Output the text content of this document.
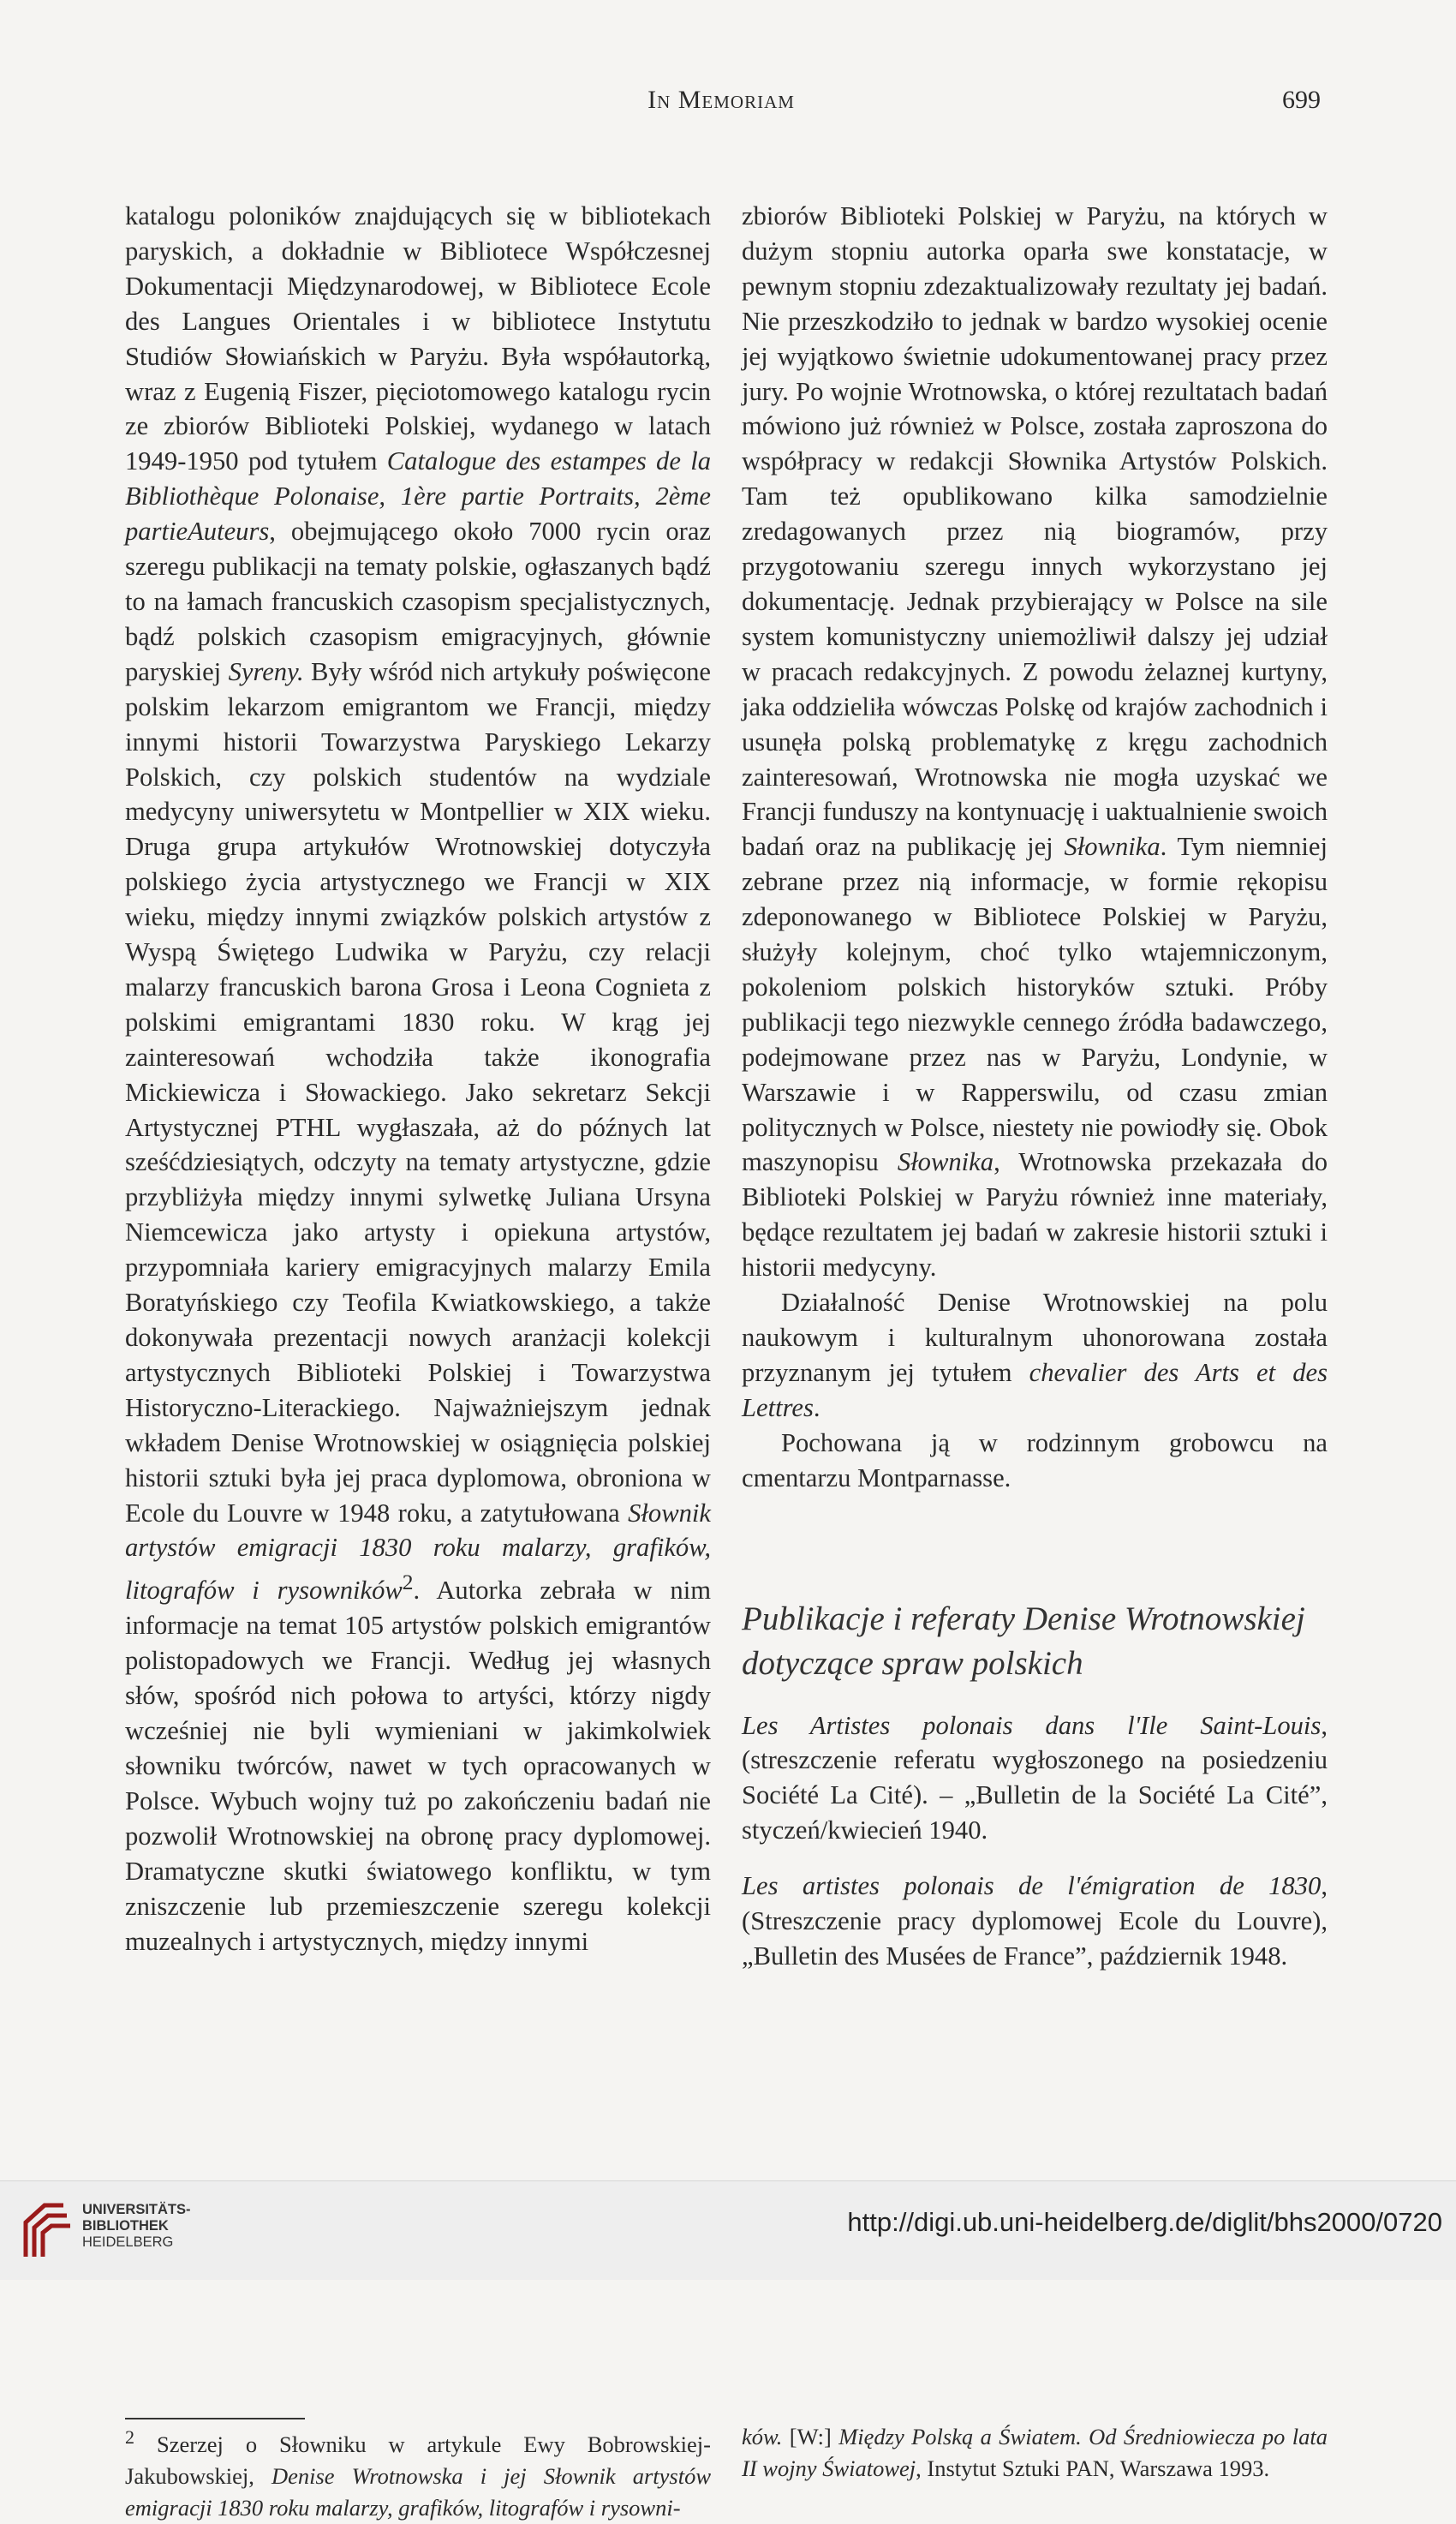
In Memoriam	699

katalogu poloników znajdujących się w bibliotekach paryskich, a dokładnie w Bibliotece Współczesnej Dokumentacji Międzynarodowej, w Bibliotece Ecole des Langues Orientales i w bibliotece Instytutu Studiów Słowiańskich w Paryżu. Była współautorką, wraz z Eugenią Fiszer, pięciotomowego katalogu rycin ze zbiorów Biblioteki Polskiej, wydanego w latach 1949-1950 pod tytułem Catalogue des estampes de la Bibliothèque Polonaise, 1ère partie Portraits, 2ème partieAuteurs, obejmującego około 7000 rycin oraz szeregu publikacji na tematy polskie, ogłaszanych bądź to na łamach francuskich czasopism specjalistycznych, bądź polskich czasopism emigracyjnych, głównie paryskiej Syreny. Były wśród nich artykuły poświęcone polskim lekarzom emigrantom we Francji, między innymi historii Towarzystwa Paryskiego Lekarzy Polskich, czy polskich studentów na wydziale medycyny uniwersytetu w Montpellier w XIX wieku. Druga grupa artykułów Wrotnowskiej dotyczyła polskiego życia artystycznego we Francji w XIX wieku, między innymi związków polskich artystów z Wyspą Świętego Ludwika w Paryżu, czy relacji malarzy francuskich barona Grosa i Leona Cognieta z polskimi emigrantami 1830 roku. W krąg jej zainteresowań wchodziła także ikonografia Mickiewicza i Słowackiego. Jako sekretarz Sekcji Artystycznej PTHL wygłaszała, aż do późnych lat sześćdziesiątych, odczyty na tematy artystyczne, gdzie przybliżyła między innymi sylwetkę Juliana Ursyna Niemcewicza jako artysty i opiekuna artystów, przypomniała kariery emigracyjnych malarzy Emila Boratyńskiego czy Teofila Kwiatkowskiego, a także dokonywała prezentacji nowych aranżacji kolekcji artystycznych Biblioteki Polskiej i Towarzystwa Historyczno-Literackiego. Najważniejszym jednak wkładem Denise Wrotnowskiej w osiągnięcia polskiej historii sztuki była jej praca dyplomowa, obroniona w Ecole du Louvre w 1948 roku, a zatytułowana Słownik artystów emigracji 1830 roku malarzy, grafików, litografów i rysowników$^2$. Autorka zebrała w nim informacje na temat 105 artystów polskich emigrantów polistopadowych we Francji. Według jej własnych słów, spośród nich połowa to artyści, którzy nigdy wcześniej nie byli wymieniani w jakimkolwiek słowniku twórców, nawet w tych opracowanych w Polsce. Wybuch wojny tuż po zakończeniu badań nie pozwolił Wrotnowskiej na obronę pracy dyplomowej. Dramatyczne skutki światowego konfliktu, w tym zniszczenie lub przemieszczenie szeregu kolekcji muzealnych i artystycznych, między innymi

zbiorów Biblioteki Polskiej w Paryżu, na których w dużym stopniu autorka oparła swe konstatacje, w pewnym stopniu zdezaktualizowały rezultaty jej badań. Nie przeszkodziło to jednak w bardzo wysokiej ocenie jej wyjątkowo świetnie udokumentowanej pracy przez jury. Po wojnie Wrotnowska, o której rezultatach badań mówiono już również w Polsce, została zaproszona do współpracy w redakcji Słownika Artystów Polskich. Tam też opublikowano kilka samodzielnie zredagowanych przez nią biogramów, przy przygotowaniu szeregu innych wykorzystano jej dokumentację. Jednak przybierający w Polsce na sile system komunistyczny uniemożliwił dalszy jej udział w pracach redakcyjnych. Z powodu żelaznej kurtyny, jaka oddzieliła wówczas Polskę od krajów zachodnich i usunęła polską problematykę z kręgu zachodnich zainteresowań, Wrotnowska nie mogła uzyskać we Francji funduszy na kontynuację i uaktualnienie swoich badań oraz na publikację jej Słownika. Tym niemniej zebrane przez nią informacje, w formie rękopisu zdeponowanego w Bibliotece Polskiej w Paryżu, służyły kolejnym, choć tylko wtajemniczonym, pokoleniom polskich historyków sztuki. Próby publikacji tego niezwykle cennego źródła badawczego, podejmowane przez nas w Paryżu, Londynie, w Warszawie i w Rapperswilu, od czasu zmian politycznych w Polsce, niestety nie powiodły się. Obok maszynopisu Słownika, Wrotnowska przekazała do Biblioteki Polskiej w Paryżu również inne materiały, będące rezultatem jej badań w zakresie historii sztuki i historii medycyny.

Działalność Denise Wrotnowskiej na polu naukowym i kulturalnym uhonorowana została przyznanym jej tytułem chevalier des Arts et des Lettres.

Pochowana ją w rodzinnym grobowcu na cmentarzu Montparnasse.

Publikacje i referaty Denise Wrotnowskiej dotyczące spraw polskich

Les Artistes polonais dans l'Ile Saint-Louis, (streszczenie referatu wygłoszonego na posiedzeniu Société La Cité). – „Bulletin de la Société La Cité”, styczeń/kwiecień 1940.

Les artistes polonais de l'émigration de 1830, (Streszczenie pracy dyplomowej Ecole du Louvre), „Bulletin des Musées de France”, październik 1948.

$^2$ Szerzej o Słowniku w artykule Ewy Bobrowskiej-Jakubowskiej, Denise Wrotnowska i jej Słownik artystów emigracji 1830 roku malarzy, grafików, litografów i rysowni-

ków. [W:] Między Polską a Światem. Od Średniowiecza po lata II wojny Światowej, Instytut Sztuki PAN, Warszawa 1993.

UNIVERSITÄTS-
BIBLIOTHEK
HEIDELBERG
http://digi.ub.uni-heidelberg.de/diglit/bhs2000/0720
